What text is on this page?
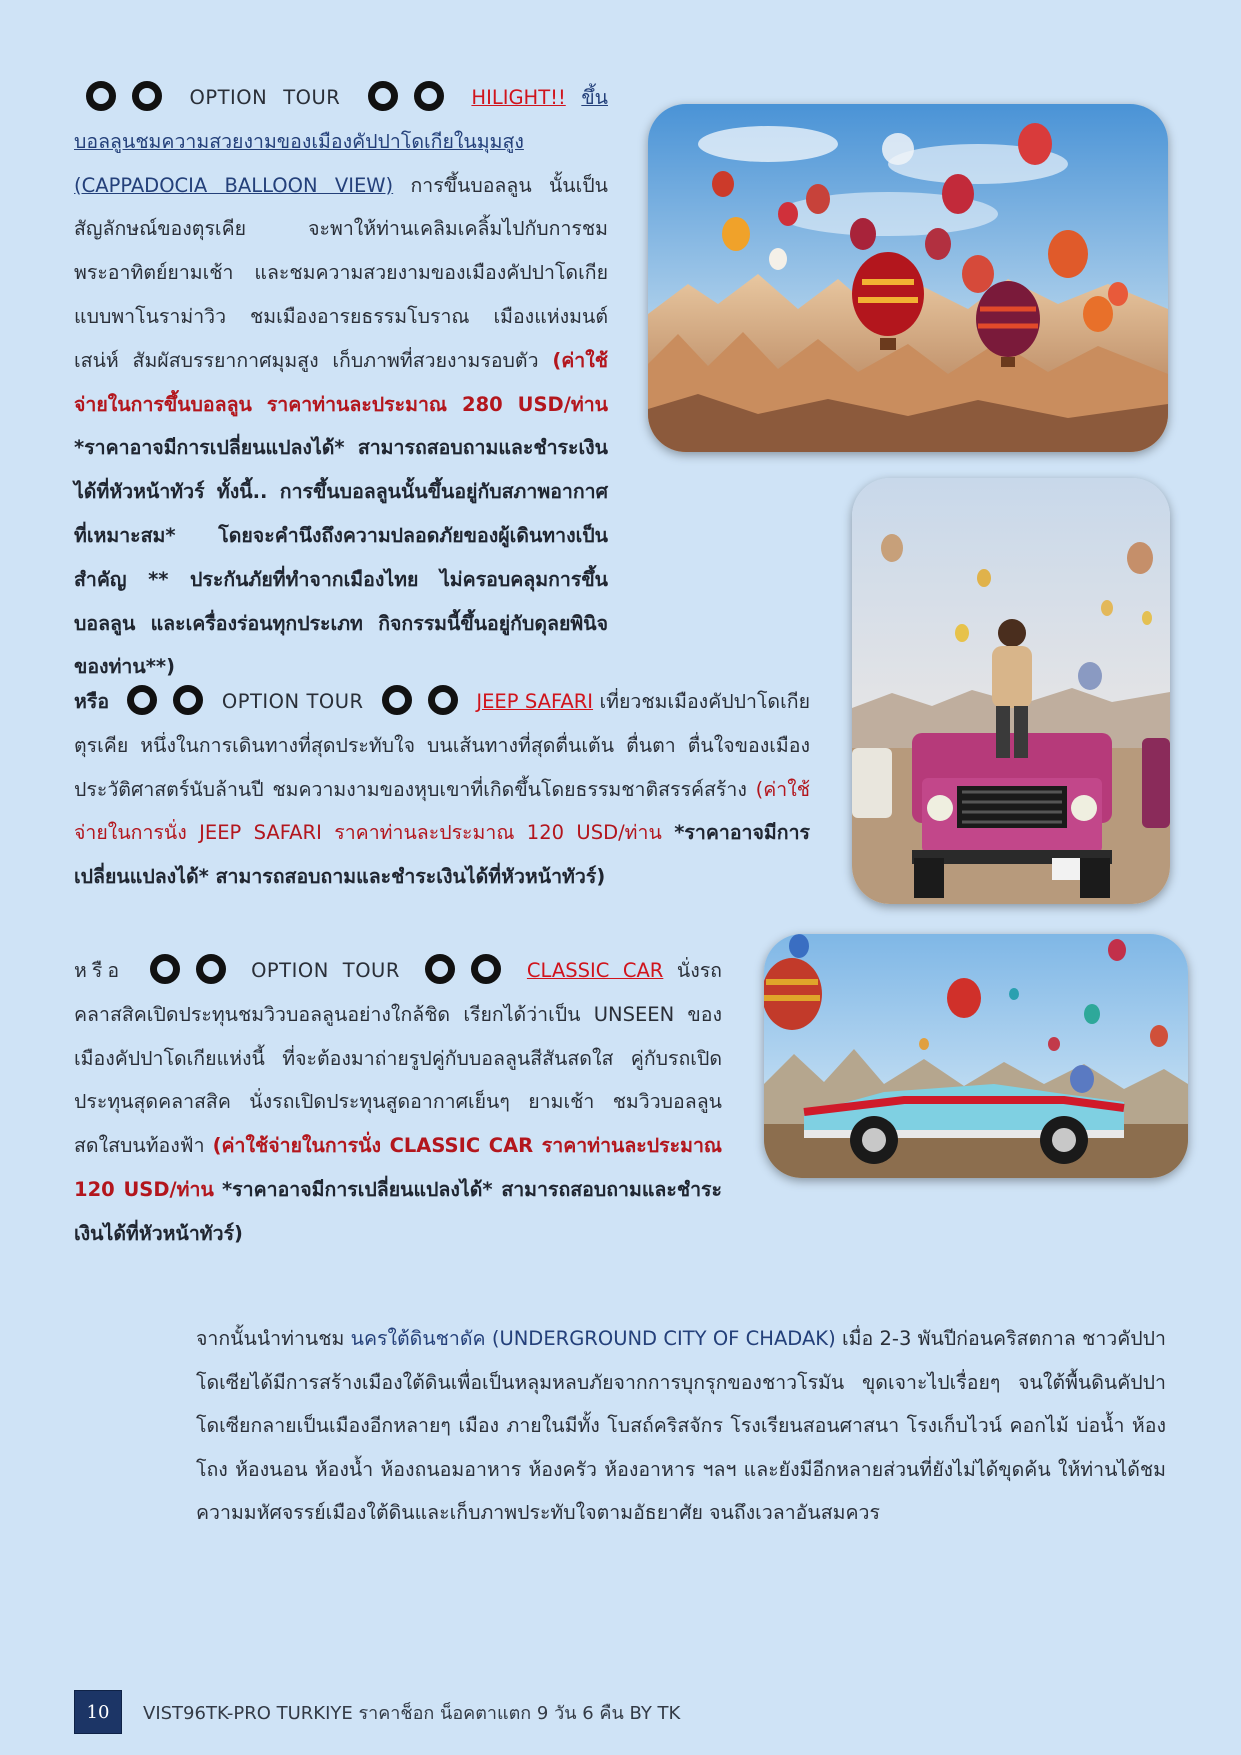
OPTION TOUR	HILIGHT!! ขึ้นบอลลูนชมความสวยงามของเมืองคัปปาโดเกียในมุมสูง (CAPPADOCIA BALLOON VIEW) การขึ้นบอลลูน นั้นเป็นสัญลักษณ์ของตุรเคีย จะพาให้ท่านเคลิมเคลิ้มไปกับการชมพระอาทิตย์ยามเช้า และชมความสวยงามของเมืองคัปปาโดเกีย แบบพาโนราม่าวิว ชมเมืองอารยธรรมโบราณ เมืองแห่งมนต์เสน่ห์ สัมผัสบรรยากาศมุมสูง เก็บภาพที่สวยงามรอบตัว (ค่าใช้จ่ายในการขึ้นบอลลูน ราคาท่านละประมาณ 280 USD/ท่าน *ราคาอาจมีการเปลี่ยนแปลงได้* สามารถสอบถามและชำระเงินได้ที่หัวหน้าทัวร์ ทั้งนี้.. การขึ้นบอลลูนนั้นขึ้นอยู่กับสภาพอากาศที่เหมาะสม* โดยจะคำนึงถึงความปลอดภัยของผู้เดินทางเป็นสำคัญ ** ประกันภัยที่ทำจากเมืองไทย ไม่ครอบคลุมการขึ้นบอลลูน และเครื่องร่อนทุกประเภท กิจกรรมนี้ขึ้นอยู่กับดุลยพินิจของท่าน**)
หรือ	OPTION TOUR	JEEP SAFARI เที่ยวชมเมืองคัปปาโดเกีย ตุรเคีย หนึ่งในการเดินทางที่สุดประทับใจ บนเส้นทางที่สุดตื่นเต้น ตื่นตา ตื่นใจของเมืองประวัติศาสตร์นับล้านปี ชมความงามของหุบเขาที่เกิดขึ้นโดยธรรมชาติสรรค์สร้าง (ค่าใช้จ่ายในการนั่ง JEEP SAFARI ราคาท่านละประมาณ 120 USD/ท่าน *ราคาอาจมีการเปลี่ยนแปลงได้* สามารถสอบถามและชำระเงินได้ที่หัวหน้าทัวร์)
หรือ	OPTION TOUR	CLASSIC CAR นั่งรถคลาสสิคเปิดประทุนชมวิวบอลลูนอย่างใกล้ชิด เรียกได้ว่าเป็น UNSEEN ของเมืองคัปปาโดเกียแห่งนี้ ที่จะต้องมาถ่ายรูปคู่กับบอลลูนสีสันสดใส คู่กับรถเปิดประทุนสุดคลาสสิค นั่งรถเปิดประทุนสูดอากาศเย็นๆ ยามเช้า ชมวิวบอลลูนสดใสบนท้องฟ้า (ค่าใช้จ่ายในการนั่ง CLASSIC CAR ราคาท่านละประมาณ 120 USD/ท่าน *ราคาอาจมีการเปลี่ยนแปลงได้* สามารถสอบถามและชำระเงินได้ที่หัวหน้าทัวร์)
จากนั้นนำท่านชม นครใต้ดินชาดัค (UNDERGROUND CITY OF CHADAK) เมื่อ 2-3 พันปีก่อนคริสตกาล ชาวคัปปาโดเซียได้มีการสร้างเมืองใต้ดินเพื่อเป็นหลุมหลบภัยจากการบุกรุกของชาวโรมัน ขุดเจาะไปเรื่อยๆ จนใต้พื้นดินคัปปาโดเซียกลายเป็นเมืองอีกหลายๆ เมือง ภายในมีทั้ง โบสถ์คริสจักร โรงเรียนสอนศาสนา โรงเก็บไวน์ คอกไม้ บ่อน้ำ ห้อง โถง ห้องนอน ห้องน้ำ ห้องถนอมอาหาร ห้องครัว ห้องอาหาร ฯลฯ และยังมีอีกหลายส่วนที่ยังไม่ได้ขุดค้น ให้ท่านได้ชมความมหัศจรรย์เมืองใต้ดินและเก็บภาพประทับใจตามอัธยาศัย จนถึงเวลาอันสมควร
10	VIST96TK-PRO TURKIYE ราคาช็อก น็อคตาแตก 9 วัน 6 คืน BY TK
